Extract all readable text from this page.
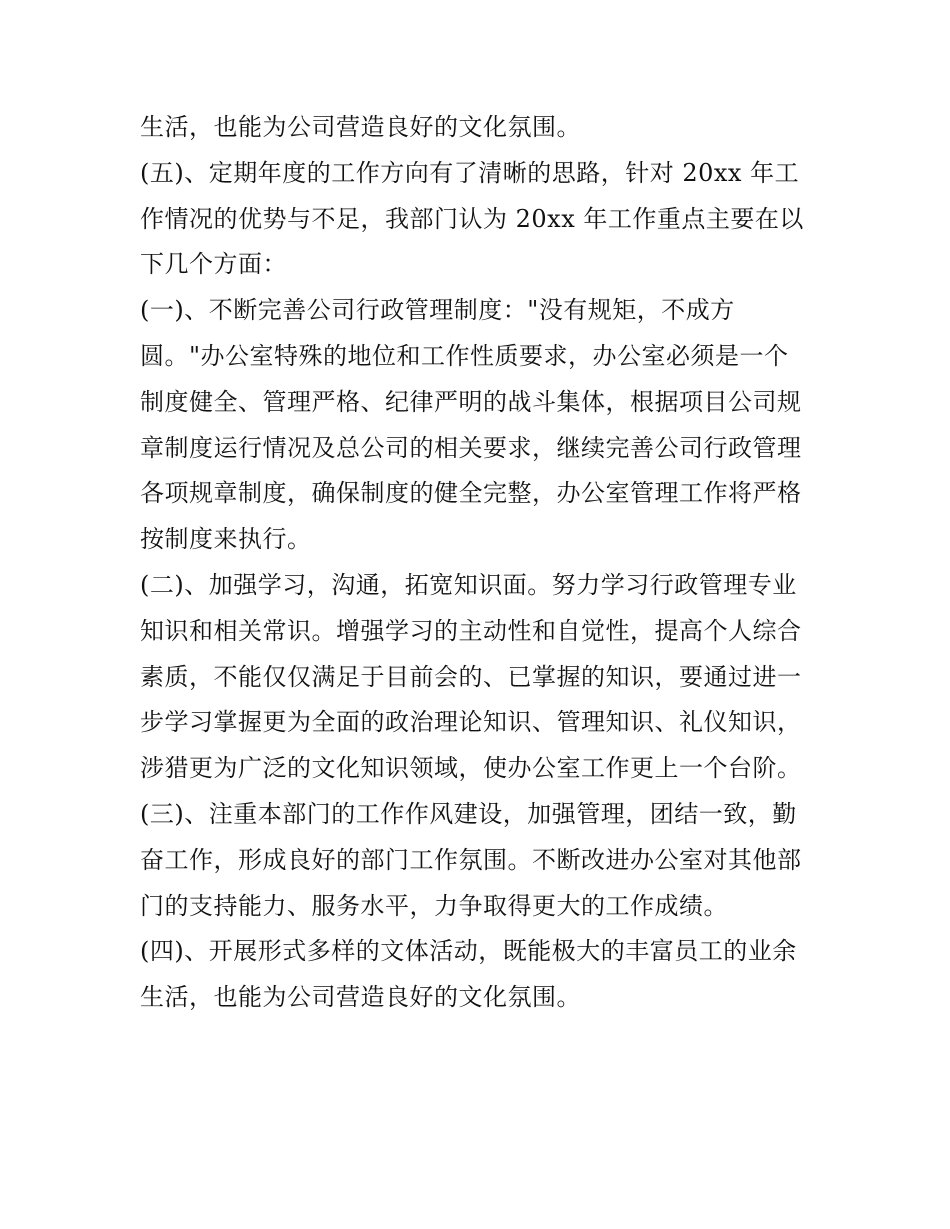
生活，也能为公司营造良好的文化氛围。
(五)、定期年度的工作方向有了清晰的思路，针对 20xx 年工
作情况的优势与不足，我部门认为 20xx 年工作重点主要在以
下几个方面：
(一)、不断完善公司行政管理制度："没有规矩，不成方
圆。"办公室特殊的地位和工作性质要求，办公室必须是一个
制度健全、管理严格、纪律严明的战斗集体，根据项目公司规
章制度运行情况及总公司的相关要求，继续完善公司行政管理
各项规章制度，确保制度的健全完整，办公室管理工作将严格
按制度来执行。
(二)、加强学习，沟通，拓宽知识面。努力学习行政管理专业
知识和相关常识。增强学习的主动性和自觉性，提高个人综合
素质，不能仅仅满足于目前会的、已掌握的知识，要通过进一
步学习掌握更为全面的政治理论知识、管理知识、礼仪知识，
涉猎更为广泛的文化知识领域，使办公室工作更上一个台阶。
(三)、注重本部门的工作作风建设，加强管理，团结一致，勤
奋工作，形成良好的部门工作氛围。不断改进办公室对其他部
门的支持能力、服务水平，力争取得更大的工作成绩。
(四)、开展形式多样的文体活动，既能极大的丰富员工的业余
生活，也能为公司营造良好的文化氛围。
